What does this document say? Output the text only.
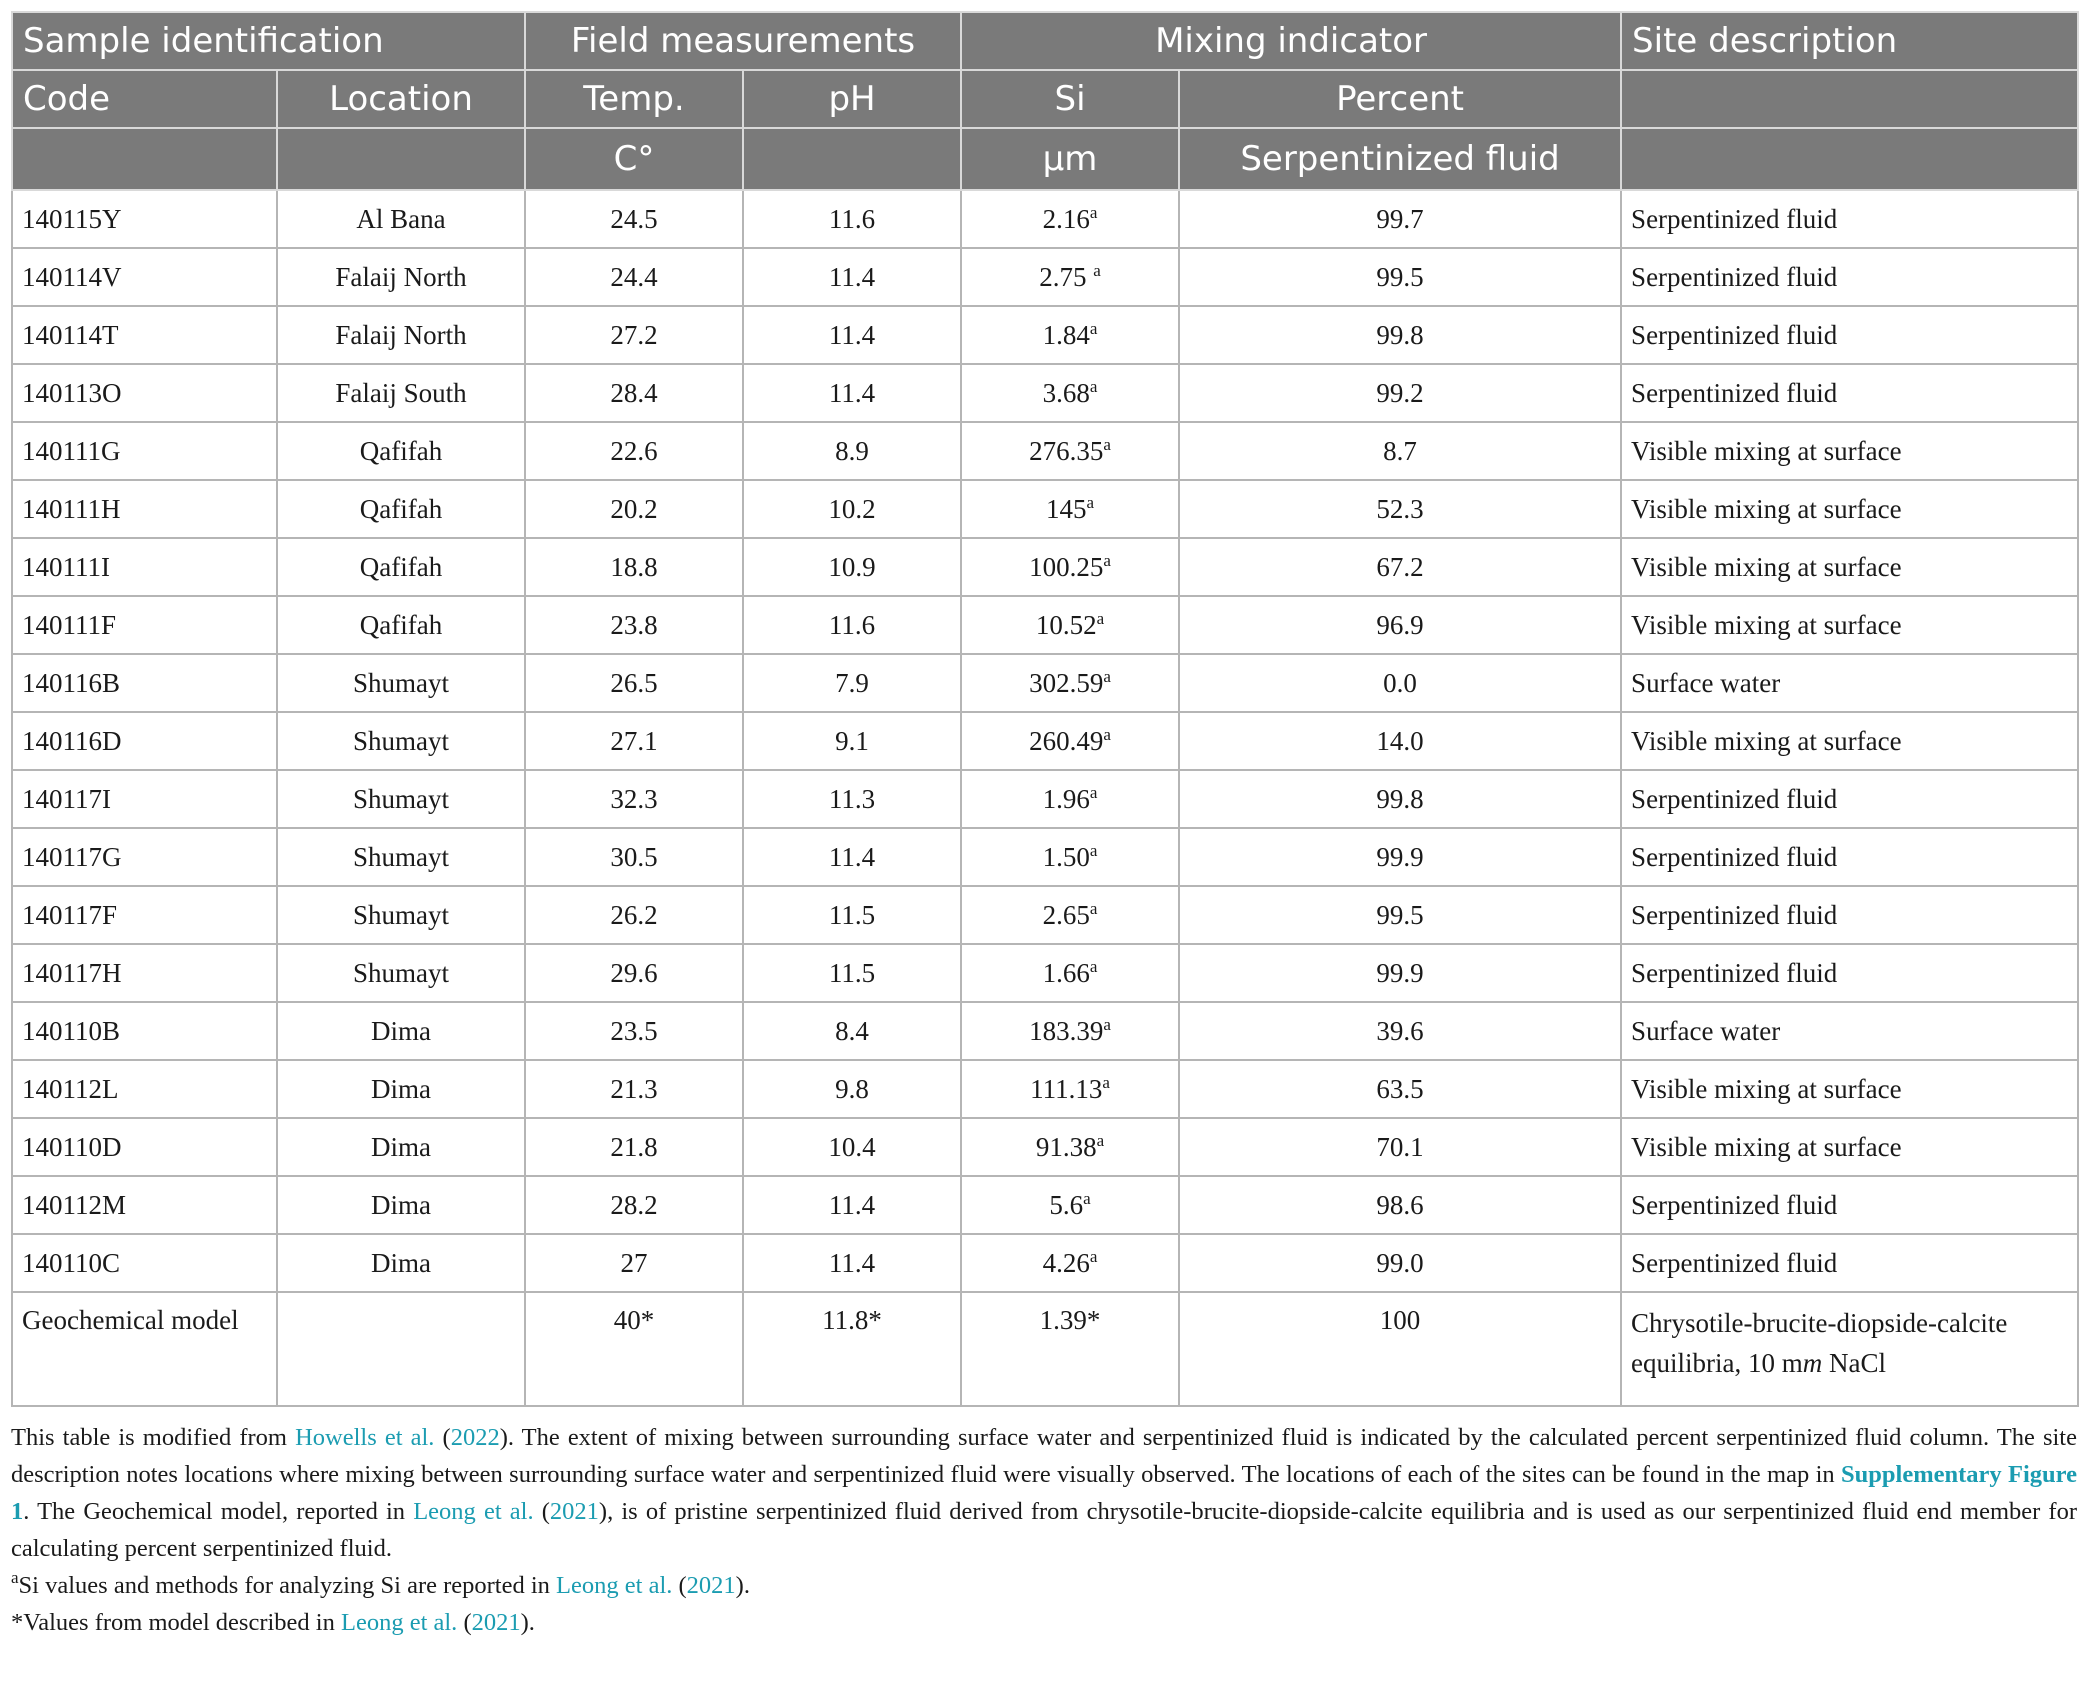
Sample identification		Field measurements		Mixing indicator		Site description
Code	Location	Temp.	pH	Si	Percent	
		C°		µm	Serpentinized fluid	
140115Y	Al Bana	24.5	11.6	2.16$^a$	99.7	Serpentinized fluid
140114V	Falaij North	24.4	11.4	2.75 $^a$	99.5	Serpentinized fluid
140114T	Falaij North	27.2	11.4	1.84$^a$	99.8	Serpentinized fluid
140113O	Falaij South	28.4	11.4	3.68$^a$	99.2	Serpentinized fluid
140111G	Qafifah	22.6	8.9	276.35$^a$	8.7	Visible mixing at surface
140111H	Qafifah	20.2	10.2	145$^a$	52.3	Visible mixing at surface
140111I	Qafifah	18.8	10.9	100.25$^a$	67.2	Visible mixing at surface
140111F	Qafifah	23.8	11.6	10.52$^a$	96.9	Visible mixing at surface
140116B	Shumayt	26.5	7.9	302.59$^a$	0.0	Surface water
140116D	Shumayt	27.1	9.1	260.49$^a$	14.0	Visible mixing at surface
140117I	Shumayt	32.3	11.3	1.96$^a$	99.8	Serpentinized fluid
140117G	Shumayt	30.5	11.4	1.50$^a$	99.9	Serpentinized fluid
140117F	Shumayt	26.2	11.5	2.65$^a$	99.5	Serpentinized fluid
140117H	Shumayt	29.6	11.5	1.66$^a$	99.9	Serpentinized fluid
140110B	Dima	23.5	8.4	183.39$^a$	39.6	Surface water
140112L	Dima	21.3	9.8	111.13$^a$	63.5	Visible mixing at surface
140110D	Dima	21.8	10.4	91.38$^a$	70.1	Visible mixing at surface
140112M	Dima	28.2	11.4	5.6$^a$	98.6	Serpentinized fluid
140110C	Dima	27	11.4	4.26$^a$	99.0	Serpentinized fluid
Geochemical model		40*	11.8*	1.39*	100	Chrysotile-brucite-diopside-calcite
equilibria, 10 mm NaCl

This table is modified from Howells et al. (2022). The extent of mixing between surrounding surface water and serpentinized fluid is indicated by the calculated percent serpentinized fluid column. The site description notes locations where mixing between surrounding surface water and serpentinized fluid were visually observed. The locations of each of the sites can be found in the map in Supplementary Figure 1. The Geochemical model, reported in Leong et al. (2021), is of pristine serpentinized fluid derived from chrysotile-brucite-diopside-calcite equilibria and is used as our serpentinized fluid end member for calculating percent serpentinized fluid.

$^a$Si values and methods for analyzing Si are reported in Leong et al. (2021).

*Values from model described in Leong et al. (2021).
